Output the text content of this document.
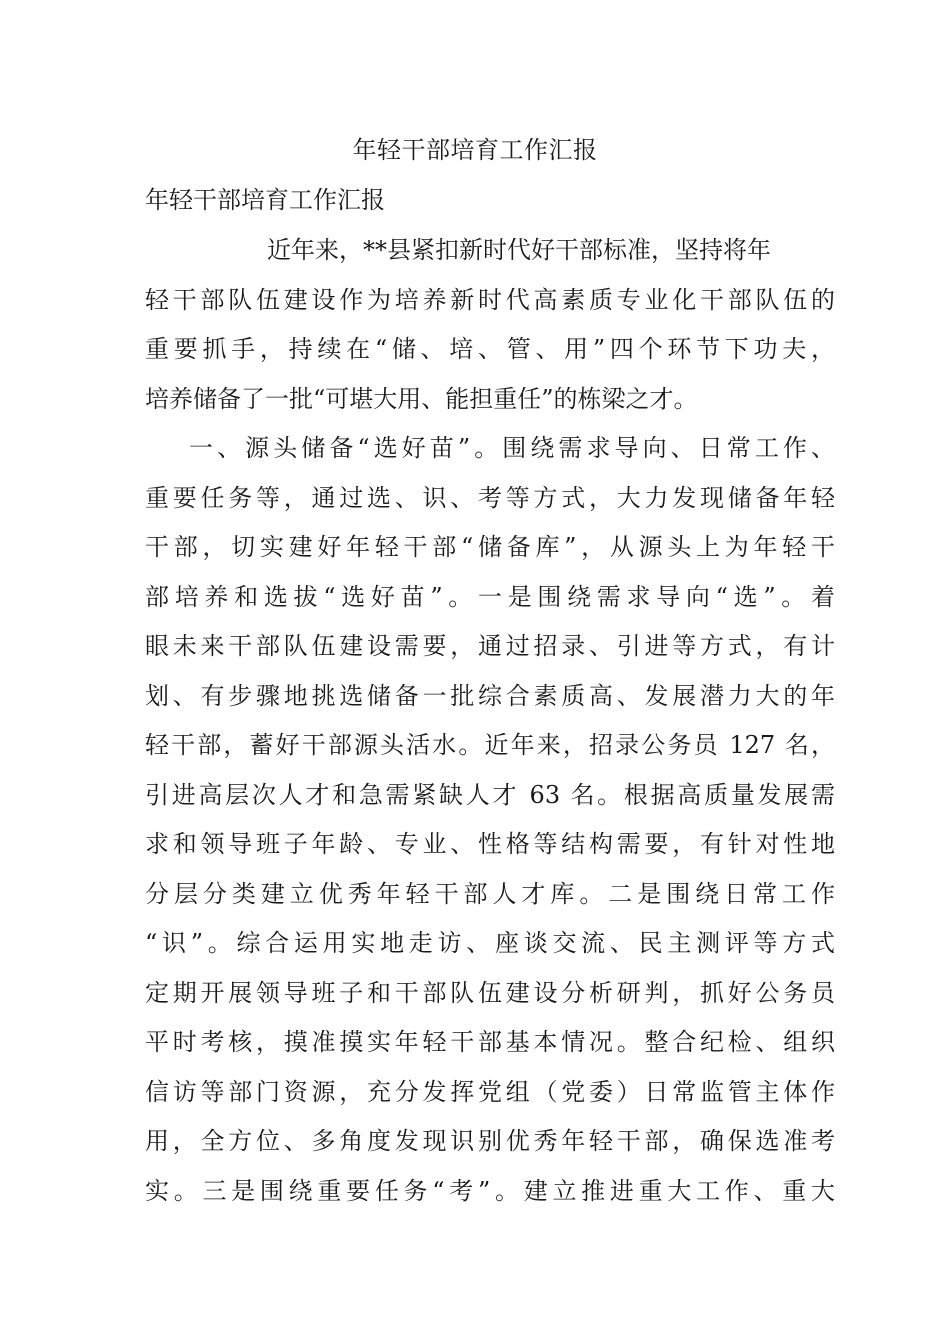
年轻干部培育工作汇报
年轻干部培育工作汇报
近年来，**县紧扣新时代好干部标准，坚持将年
轻干部队伍建设作为培养新时代高素质专业化干部队伍的
重要抓手，持续在“储、培、管、用”四个环节下功夫，
培养储备了一批“可堪大用、能担重任”的栋梁之才。
一、源头储备“选好苗”。围绕需求导向、日常工作、
重要任务等，通过选、识、考等方式，大力发现储备年轻
干部，切实建好年轻干部“储备库”，从源头上为年轻干
部培养和选拔“选好苗”。一是围绕需求导向“选”。着
眼未来干部队伍建设需要，通过招录、引进等方式，有计
划、有步骤地挑选储备一批综合素质高、发展潜力大的年
轻干部，蓄好干部源头活水。近年来，招录公务员 127 名，
引进高层次人才和急需紧缺人才 63 名。根据高质量发展需
求和领导班子年龄、专业、性格等结构需要，有针对性地
分层分类建立优秀年轻干部人才库。二是围绕日常工作
“识”。综合运用实地走访、座谈交流、民主测评等方式
定期开展领导班子和干部队伍建设分析研判，抓好公务员
平时考核，摸准摸实年轻干部基本情况。整合纪检、组织
信访等部门资源，充分发挥党组（党委）日常监管主体作
用，全方位、多角度发现识别优秀年轻干部，确保选准考
实。三是围绕重要任务“考”。建立推进重大工作、重大
